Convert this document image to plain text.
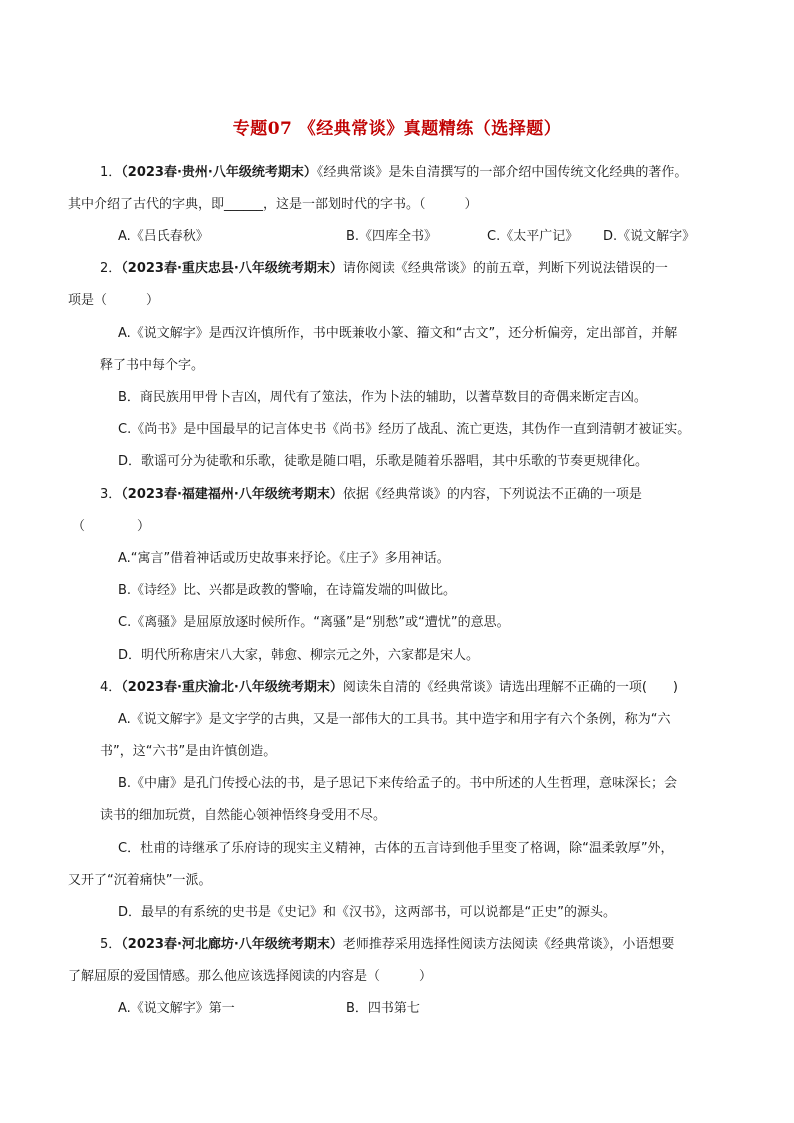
专题07 《经典常谈》真题精练（选择题）
1．（2023春·贵州·八年级统考期末）《经典常谈》是朱自清撰写的一部介绍中国传统文化经典的著作。
其中介绍了古代的字典，即______，这是一部划时代的字书。（　　　）
A.《吕氏春秋》	B.《四库全书》	C.《太平广记》 D.《说文解字》
2．（2023春·重庆忠县·八年级统考期末）请你阅读《经典常谈》的前五章，判断下列说法错误的一
项是（　　　）
A.《说文解字》是西汉许慎所作，书中既兼收小篆、籀文和“古文”，还分析偏旁，定出部首，并解
释了书中每个字。
B．商民族用甲骨卜吉凶，周代有了筮法，作为卜法的辅助，以蓍草数目的奇偶来断定吉凶。
C.《尚书》是中国最早的记言体史书《尚书》经历了战乱、流亡更迭，其伪作一直到清朝才被证实。
D．歌谣可分为徒歌和乐歌，徒歌是随口唱，乐歌是随着乐器唱，其中乐歌的节奏更规律化。
3．（2023春·福建福州·八年级统考期末）依据《经典常谈》的内容，下列说法不正确的一项是
（　　　　）
A.“寓言”借着神话或历史故事来抒论。《庄子》多用神话。
B.《诗经》比、兴都是政教的警喻，在诗篇发端的叫做比。
C.《离骚》是屈原放逐时候所作。“离骚”是“别愁”或“遭忧”的意思。
D．明代所称唐宋八大家，韩愈、柳宗元之外，六家都是宋人。
4．（2023春·重庆渝北·八年级统考期末）阅读朱自清的《经典常谈》请选出理解不正确的一项(　　)
A.《说文解字》是文字学的古典，又是一部伟大的工具书。其中造字和用字有六个条例，称为“六
书”，这“六书”是由许慎创造。
B.《中庸》是孔门传授心法的书，是子思记下来传给孟子的。书中所述的人生哲理，意味深长；会
读书的细加玩赏，自然能心领神悟终身受用不尽。
C．杜甫的诗继承了乐府诗的现实主义精神，古体的五言诗到他手里变了格调，除“温柔敦厚”外，
又开了“沉着痛快”一派。
D．最早的有系统的史书是《史记》和《汉书》，这两部书，可以说都是“正史”的源头。
5．（2023春·河北廊坊·八年级统考期末）老师推荐采用选择性阅读方法阅读《经典常谈》，小语想要
了解屈原的爱国情感。那么他应该选择阅读的内容是（　　　）
A.《说文解字》第一	B．四书第七
